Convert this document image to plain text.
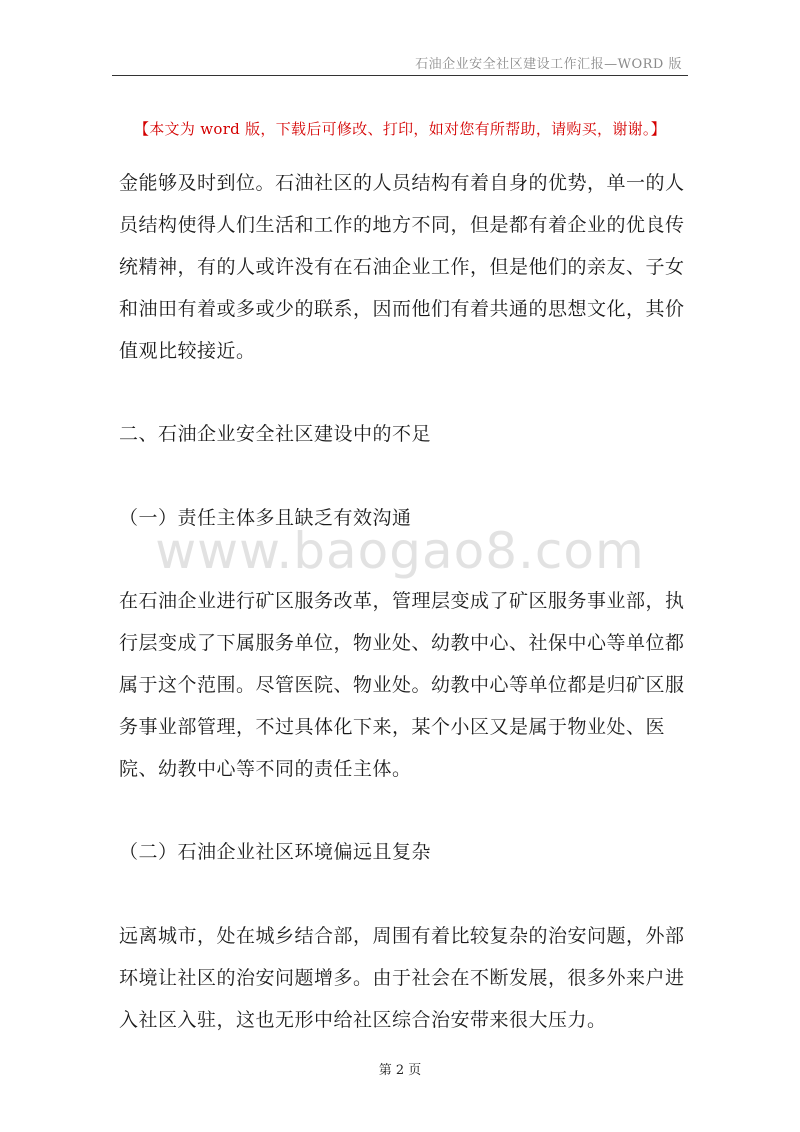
石油企业安全社区建设工作汇报—WORD 版
【本文为 word 版，下载后可修改、打印，如对您有所帮助，请购买，谢谢。】

金能够及时到位。石油社区的人员结构有着自身的优势，单一的人员结构使得人们生活和工作的地方不同，但是都有着企业的优良传统精神，有的人或许没有在石油企业工作，但是他们的亲友、子女和油田有着或多或少的联系，因而他们有着共通的思想文化，其价值观比较接近。

二、石油企业安全社区建设中的不足

（一）责任主体多且缺乏有效沟通

www.baogao8.com

在石油企业进行矿区服务改革，管理层变成了矿区服务事业部，执行层变成了下属服务单位，物业处、幼教中心、社保中心等单位都属于这个范围。尽管医院、物业处。幼教中心等单位都是归矿区服务事业部管理，不过具体化下来，某个小区又是属于物业处、医院、幼教中心等不同的责任主体。

（二）石油企业社区环境偏远且复杂

远离城市，处在城乡结合部，周围有着比较复杂的治安问题，外部环境让社区的治安问题增多。由于社会在不断发展，很多外来户进入社区入驻，这也无形中给社区综合治安带来很大压力。

第 2 页
